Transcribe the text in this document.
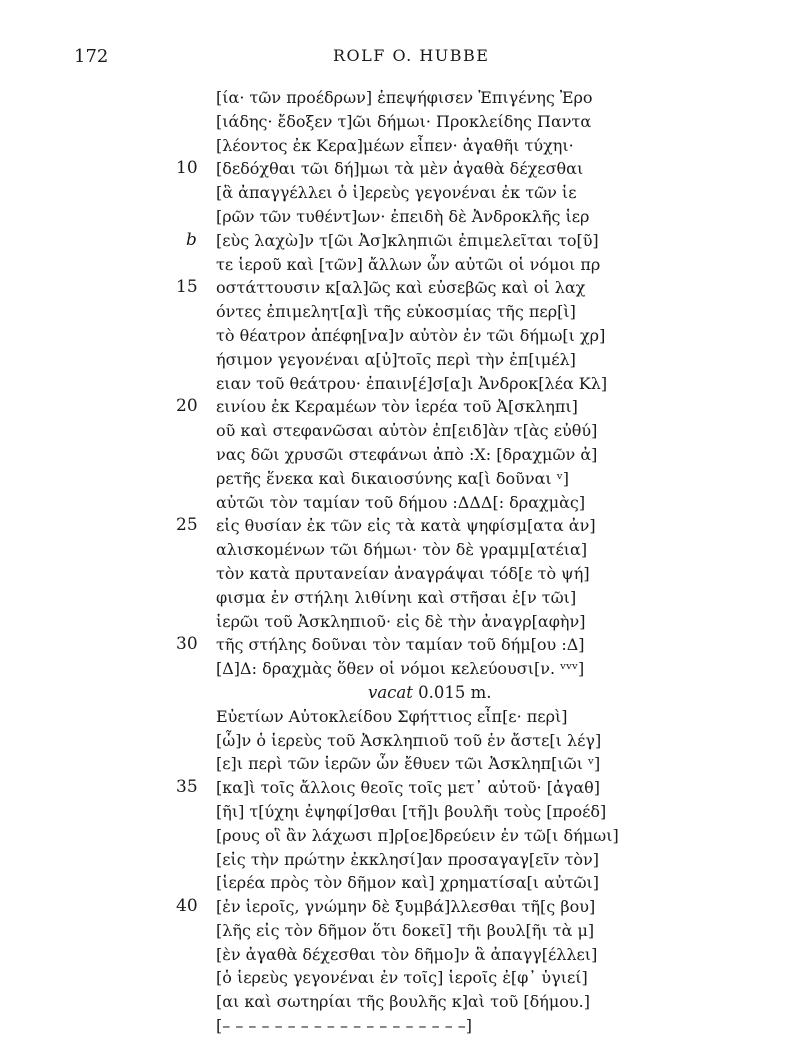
172	ROLF O. HUBBE
[ία· τῶν προέδρων] ἐπεψήφισεν Ἐπιγένης Ἐρο
[ιάδης· ἔδοξεν τ]ῶι δήμωι· Προκλείδης Παντα
[λέοντος ἐκ Κερα]μέων εἶπεν· ἀγαθῆι τύχηι·
10 [δεδόχθαι τῶι δή]μωι τὰ μὲν ἀγαθὰ δέχεσθαι
[ἃ ἀπαγγέλλει ὁ ἱ]ερεὺς γεγονέναι ἐκ τῶν ἱε
[ρῶν τῶν τυθέντ]ων· ἐπειδὴ δὲ Ἀνδροκλῆς ἱερ
b	[εὺς λαχὼ]ν τ[ῶι Ἀσ]κληπιῶι ἐπιμελεῖται το[ῦ]
τε ἱεροῦ καὶ [τῶν] ἄλλων ὧν αὐτῶι οἱ νόμοι πρ
15 οστάττουσιν κ[αλ]ῶς καὶ εὐσεβῶς καὶ οἱ λαχ
όντες ἐπιμελητ[α]ὶ τῆς εὐκοσμίας τῆς περ[ὶ]
τὸ θέατρον ἀπέφη[να]ν αὐτὸν ἐν τῶι δήμω[ι χρ]
ήσιμον γεγονέναι α[ὐ]τοῖς περὶ τὴν ἐπ[ιμέλ]
ειαν τοῦ θεάτρου· ἐπαιν[έ]σ[α]ι Ἀνδροκ[λέα Κλ]
20 εινίου ἐκ Κεραμέων τὸν ἱερέα τοῦ Ἀ[σκληπι]
οῦ καὶ στεφανῶσαι αὐτὸν ἐπ[ειδ]ὰν τ[ὰς εὐθύ]
νας δῶι χρυσῶι στεφάνωι ἀπὸ :Χ: [δραχμῶν ἀ]
ρετῆς ἕνεκα καὶ δικαιοσύνης κα[ὶ δοῦναι ᵛ]
αὐτῶι τὸν ταμίαν τοῦ δήμου :ΔΔΔ[: δραχμὰς]
25 εἰς θυσίαν ἐκ τῶν εἰς τὰ κατὰ ψηφίσμ[ατα ἀν]
αλισκομένων τῶι δήμωι· τὸν δὲ γραμμ[ατέια]
τὸν κατὰ πρυτανείαν ἀναγράψαι τόδ[ε τὸ ψή]
φισμα ἐν στήληι λιθίνηι καὶ στῆσαι ἐ[ν τῶι]
ἱερῶι τοῦ Ἀσκληπιοῦ· εἰς δὲ τὴν ἀναγρ[αφὴν]
30 τῆς στήλης δοῦναι τὸν ταμίαν τοῦ δήμ[ου :Δ]
[Δ]Δ: δραχμὰς ὅθεν οἱ νόμοι κελεύουσι[ν. ᵛᵛᵛ]
vacat 0.015 m.
Εὐετίων Αὐτοκλείδου Σφήττιος εἶπ[ε· περὶ]
[ὧ]ν ὁ ἱερεὺς τοῦ Ἀσκληπιοῦ τοῦ ἐν ἄστε[ι λέγ]
[ε]ι περὶ τῶν ἱερῶν ὧν ἔθυεν τῶι Ἀσκληπ[ιῶι ᵛ]
35 [κα]ὶ τοῖς ἄλλοις θεοῖς τοῖς μετ᾽ αὐτοῦ· [ἀγαθ]
[ῆι] τ[ύχηι ἐψηφί]σθαι [τῆ]ι βουλῆι τοὺς [προέδ]
[ρους οἳ ἂν λάχωσι π]ρ[οε]δρεύειν ἐν τῶ[ι δήμωι]
[εἰς τὴν πρώτην ἐκκλησί]αν προσαγαγ[εῖν τὸν]
[ἱερέα πρὸς τὸν δῆμον καὶ] χρηματίσα[ι αὐτῶι]
40 [ἐν ἱεροῖς, γνώμην δὲ ξυμβά]λλεσθαι τῆ[ς βου]
[λῆς εἰς τὸν δῆμον ὅτι δοκεῖ] τῆι βουλ[ῆι τὰ μ]
[ὲν ἀγαθὰ δέχεσθαι τὸν δῆμο]ν ἃ ἀπαγγ[έλλει]
[ὁ ἱερεὺς γεγονέναι ἐν τοῖς] ἱεροῖς ἐ[φ᾽ ὑγιεί]
[αι καὶ σωτηρίαι τῆς βουλῆς κ]αὶ τοῦ [δήμου.]
[– – – – – – – – – – – – – – – – – – –]
